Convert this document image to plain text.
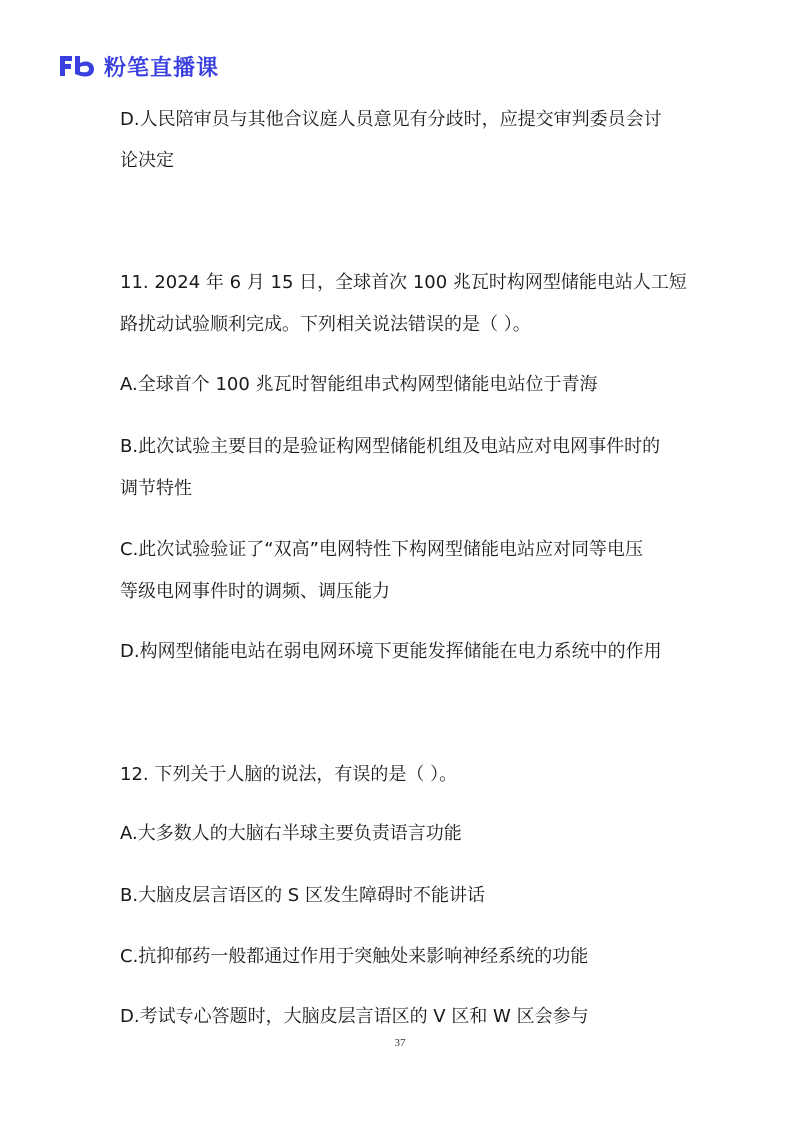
粉笔直播课
D.人民陪审员与其他合议庭人员意见有分歧时，应提交审判委员会讨
论决定
11. 2024 年 6 月 15 日，全球首次 100 兆瓦时构网型储能电站人工短
路扰动试验顺利完成。下列相关说法错误的是（ ）。
A.全球首个 100 兆瓦时智能组串式构网型储能电站位于青海
B.此次试验主要目的是验证构网型储能机组及电站应对电网事件时的
调节特性
C.此次试验验证了“双高”电网特性下构网型储能电站应对同等电压
等级电网事件时的调频、调压能力
D.构网型储能电站在弱电网环境下更能发挥储能在电力系统中的作用
12. 下列关于人脑的说法，有误的是（ ）。
A.大多数人的大脑右半球主要负责语言功能
B.大脑皮层言语区的 S 区发生障碍时不能讲话
C.抗抑郁药一般都通过作用于突触处来影响神经系统的功能
D.考试专心答题时，大脑皮层言语区的 V 区和 W 区会参与
37
